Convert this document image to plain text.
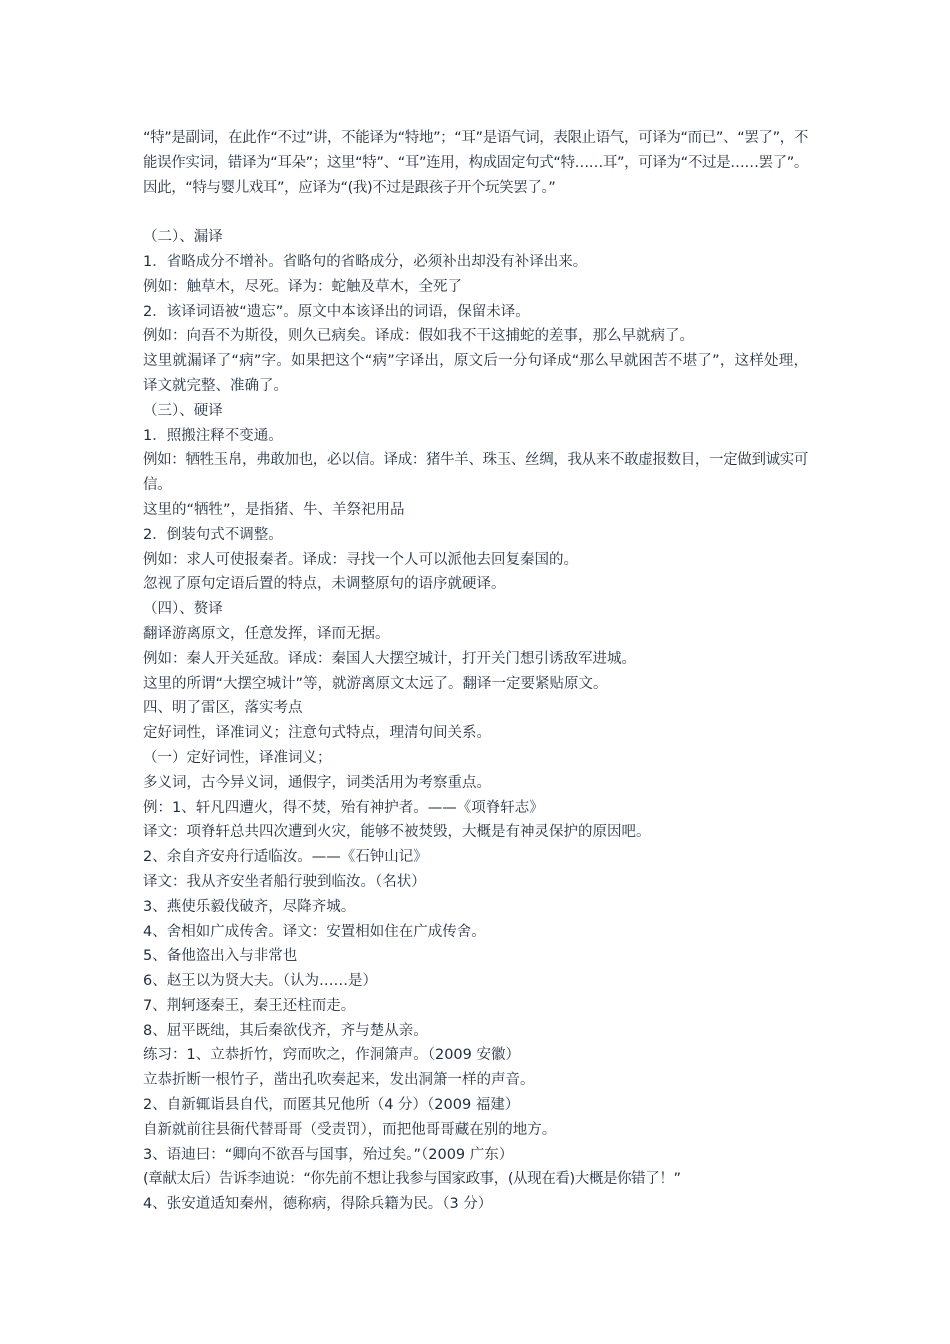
“特”是副词，在此作“不过”讲，不能译为“特地”；“耳”是语气词，表限止语气，可译为“而已”、“罢了”，不能误作实词，错译为“耳朵”；这里“特”、“耳”连用，构成固定句式“特……耳”，可译为“不过是……罢了”。因此，“特与婴儿戏耳”，应译为“(我)不过是跟孩子开个玩笑罢了。”
（二）、漏译
1．省略成分不增补。省略句的省略成分，必须补出却没有补译出来。
例如：触草木，尽死。译为：蛇触及草木，全死了
2．该译词语被“遗忘”。原文中本该译出的词语，保留未译。
例如：向吾不为斯役，则久已病矣。译成：假如我不干这捕蛇的差事，那么早就病了。
这里就漏译了“病”字。如果把这个“病”字译出，原文后一分句译成“那么早就困苦不堪了”，这样处理，译文就完整、准确了。
（三）、硬译
1．照搬注释不变通。
例如：牺牲玉帛，弗敢加也，必以信。译成：猪牛羊、珠玉、丝绸，我从来不敢虚报数目，一定做到诚实可信。
这里的“牺牲”，是指猪、牛、羊祭祀用品
2．倒装句式不调整。
例如：求人可使报秦者。译成：寻找一个人可以派他去回复秦国的。
忽视了原句定语后置的特点，未调整原句的语序就硬译。
（四）、赘译
翻译游离原文，任意发挥，译而无据。
例如：秦人开关延敌。译成：秦国人大摆空城计，打开关门想引诱敌军进城。
这里的所谓“大摆空城计”等，就游离原文太远了。翻译一定要紧贴原文。
四、明了雷区，落实考点
定好词性，译准词义；注意句式特点，理清句间关系。
（一）定好词性，译准词义；
多义词，古今异义词，通假字，词类活用为考察重点。
例：1、轩凡四遭火，得不焚，殆有神护者。——《项脊轩志》
译文：项脊轩总共四次遭到火灾，能够不被焚毁，大概是有神灵保护的原因吧。
2、余自齐安舟行适临汝。——《石钟山记》
译文：我从齐安坐者船行驶到临汝。（名状）
3、燕使乐毅伐破齐，尽降齐城。
4、舍相如广成传舍。译文：安置相如住在广成传舍。
5、备他盗出入与非常也
6、赵王以为贤大夫。（认为……是）
7、荆轲逐秦王，秦王还柱而走。
8、屈平既绌，其后秦欲伐齐，齐与楚从亲。
练习：1、立恭折竹，窍而吹之，作洞箫声。（2009 安徽）
立恭折断一根竹子，凿出孔吹奏起来，发出洞箫一样的声音。
2、自新辄诣县自代，而匿其兄他所（4 分）（2009 福建）
自新就前往县衙代替哥哥（受责罚），而把他哥哥藏在别的地方。
3、语迪曰：“卿向不欲吾与国事，殆过矣。”（2009 广东）
(章献太后）告诉李迪说：“你先前不想让我参与国家政事，(从现在看)大概是你错了！”
4、张安道适知秦州，德称病，得除兵籍为民。（3 分）
